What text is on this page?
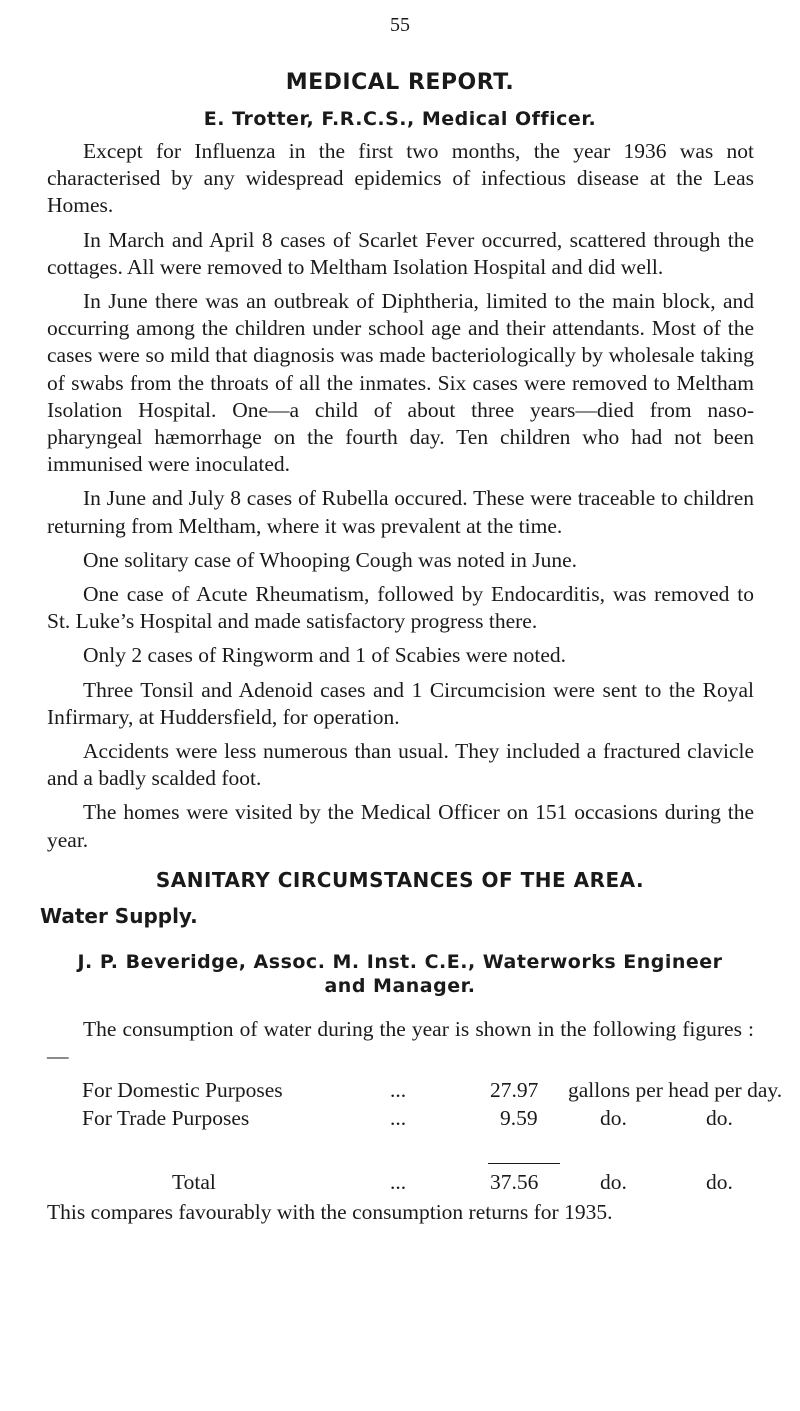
55
MEDICAL REPORT.
E. Trotter, F.R.C.S., Medical Officer.

Except for Influenza in the first two months, the year 1936 was not characterised by any widespread epidemics of infectious disease at the Leas Homes.

In March and April 8 cases of Scarlet Fever occurred, scattered through the cottages. All were removed to Meltham Isolation Hospital and did well.

In June there was an outbreak of Diphtheria, limited to the main block, and occurring among the children under school age and their attendants. Most of the cases were so mild that diagnosis was made bacteriologically by wholesale taking of swabs from the throats of all the inmates. Six cases were removed to Meltham Isolation Hospital. One—a child of about three years—died from naso-pharyngeal hæmorrhage on the fourth day. Ten children who had not been immunised were inoculated.

In June and July 8 cases of Rubella occured. These were traceable to children returning from Meltham, where it was prevalent at the time.

One solitary case of Whooping Cough was noted in June.

One case of Acute Rheumatism, followed by Endocarditis, was removed to St. Luke’s Hospital and made satisfactory progress there.

Only 2 cases of Ringworm and 1 of Scabies were noted.

Three Tonsil and Adenoid cases and 1 Circumcision were sent to the Royal Infirmary, at Huddersfield, for operation.

Accidents were less numerous than usual. They included a fractured clavicle and a badly scalded foot.

The homes were visited by the Medical Officer on 151 occasions during the year.

SANITARY CIRCUMSTANCES OF THE AREA.
Water Supply.
J. P. Beveridge, Assoc. M. Inst. C.E., Waterworks Engineer
and Manager.

The consumption of water during the year is shown in the following figures :—

For Domestic Purposes	...	27.97 gallons per head per day.
For Trade Purposes	...	9.59	do.	do.
Total	...	37.56	do.	do.
This compares favourably with the consumption returns for 1935.
